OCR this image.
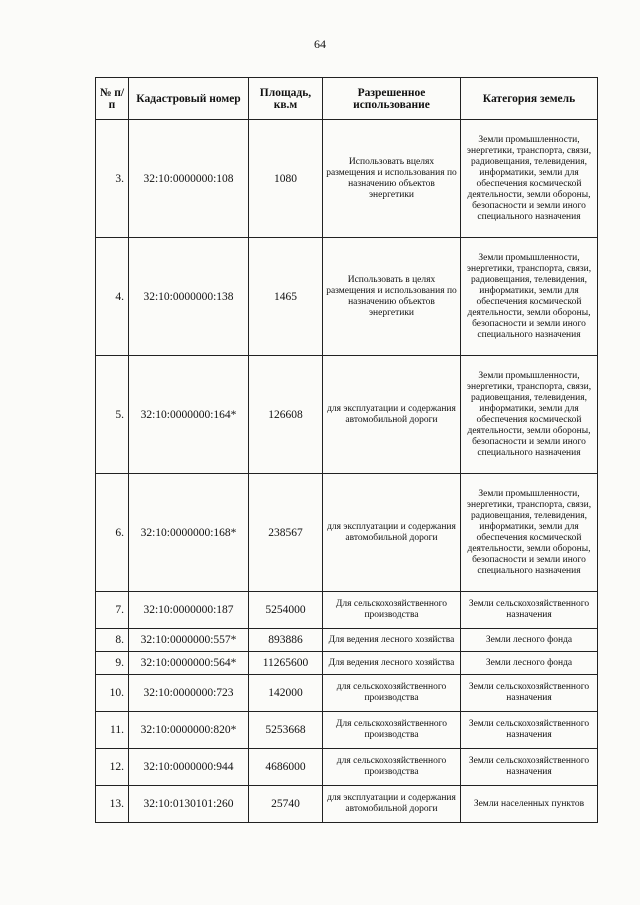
64
№ п/п	Кадастровый номер	Площадь, кв.м	Разрешенное использование	Категория земель
3.	32:10:0000000:108	1080	Использовать вцелях размещения и использования по назначению объектов энергетики	Земли промышленности, энергетики, транспорта, связи, радиовещания, телевидения, информатики, земли для обеспечения космической деятельности, земли обороны, безопасности и земли иного специального назначения
4.	32:10:0000000:138	1465	Использовать в целях размещения и использования по назначению объектов энергетики	Земли промышленности, энергетики, транспорта, связи, радиовещания, телевидения, информатики, земли для обеспечения космической деятельности, земли обороны, безопасности и земли иного специального назначения
5.	32:10:0000000:164*	126608	для эксплуатации и содержания автомобильной дороги	Земли промышленности, энергетики, транспорта, связи, радиовещания, телевидения, информатики, земли для обеспечения космической деятельности, земли обороны, безопасности и земли иного специального назначения
6.	32:10:0000000:168*	238567	для эксплуатации и содержания автомобильной дороги	Земли промышленности, энергетики, транспорта, связи, радиовещания, телевидения, информатики, земли для обеспечения космической деятельности, земли обороны, безопасности и земли иного специального назначения
7.	32:10:0000000:187	5254000	Для сельскохозяйственного производства	Земли сельскохозяйственного назначения
8.	32:10:0000000:557*	893886	Для ведения лесного хозяйства	Земли лесного фонда
9.	32:10:0000000:564*	11265600	Для ведения лесного хозяйства	Земли лесного фонда
10.	32:10:0000000:723	142000	для сельскохозяйственного производства	Земли сельскохозяйственного назначения
11.	32:10:0000000:820*	5253668	Для сельскохозяйственного производства	Земли сельскохозяйственного назначения
12.	32:10:0000000:944	4686000	для сельскохозяйственного производства	Земли сельскохозяйственного назначения
13.	32:10:0130101:260	25740	для эксплуатации и содержания автомобильной дороги	Земли населенных пунктов
